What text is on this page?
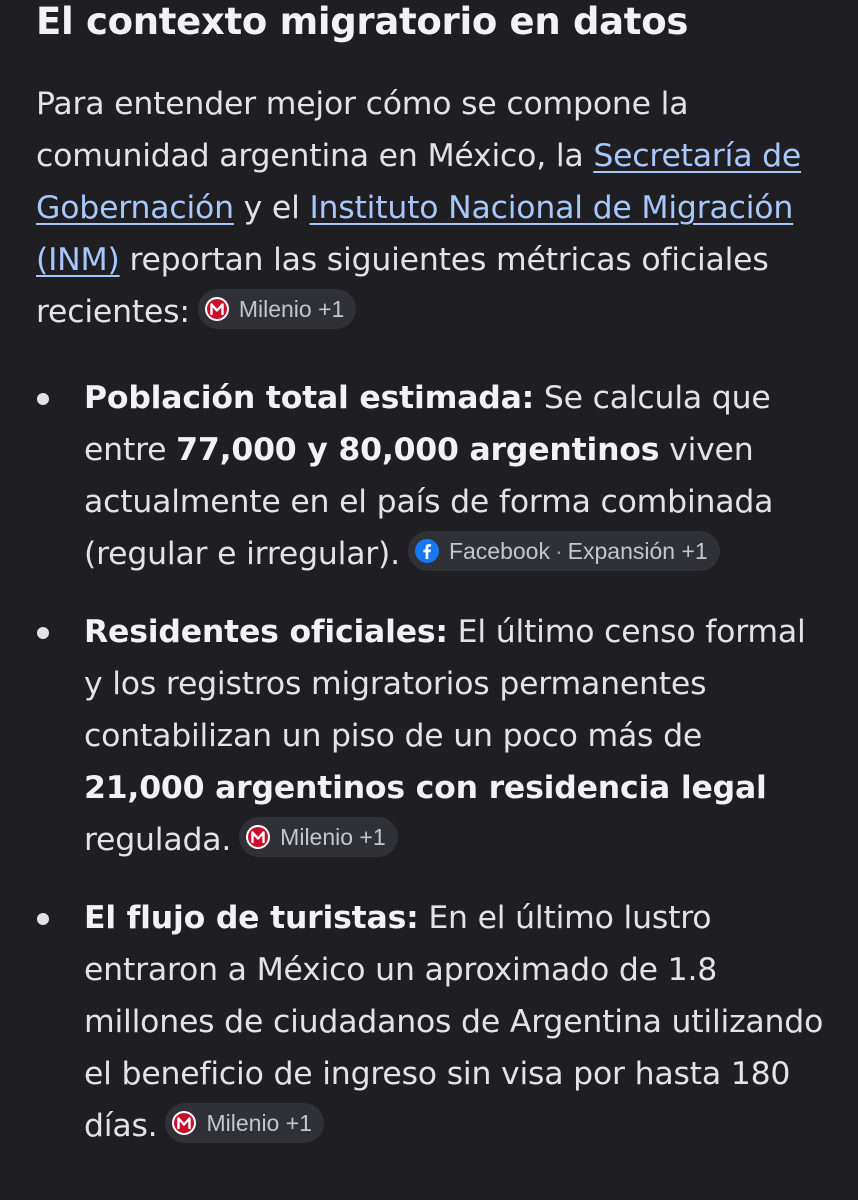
El contexto migratorio en datos

Para entender mejor cómo se compone la comunidad argentina en México, la Secretaría de Gobernación y el Instituto Nacional de Migración (INM) reportan las siguientes métricas oficiales recientes: Milenio +1

Población total estimada: Se calcula que entre 77,000 y 80,000 argentinos viven actualmente en el país de forma combinada (regular e irregular). Facebook · Expansión +1
Residentes oficiales: El último censo formal y los registros migratorios permanentes contabilizan un piso de un poco más de 21,000 argentinos con residencia legal regulada. Milenio +1
El flujo de turistas: En el último lustro entraron a México un aproximado de 1.8 millones de ciudadanos de Argentina utilizando el beneficio de ingreso sin visa por hasta 180 días. Milenio +1
